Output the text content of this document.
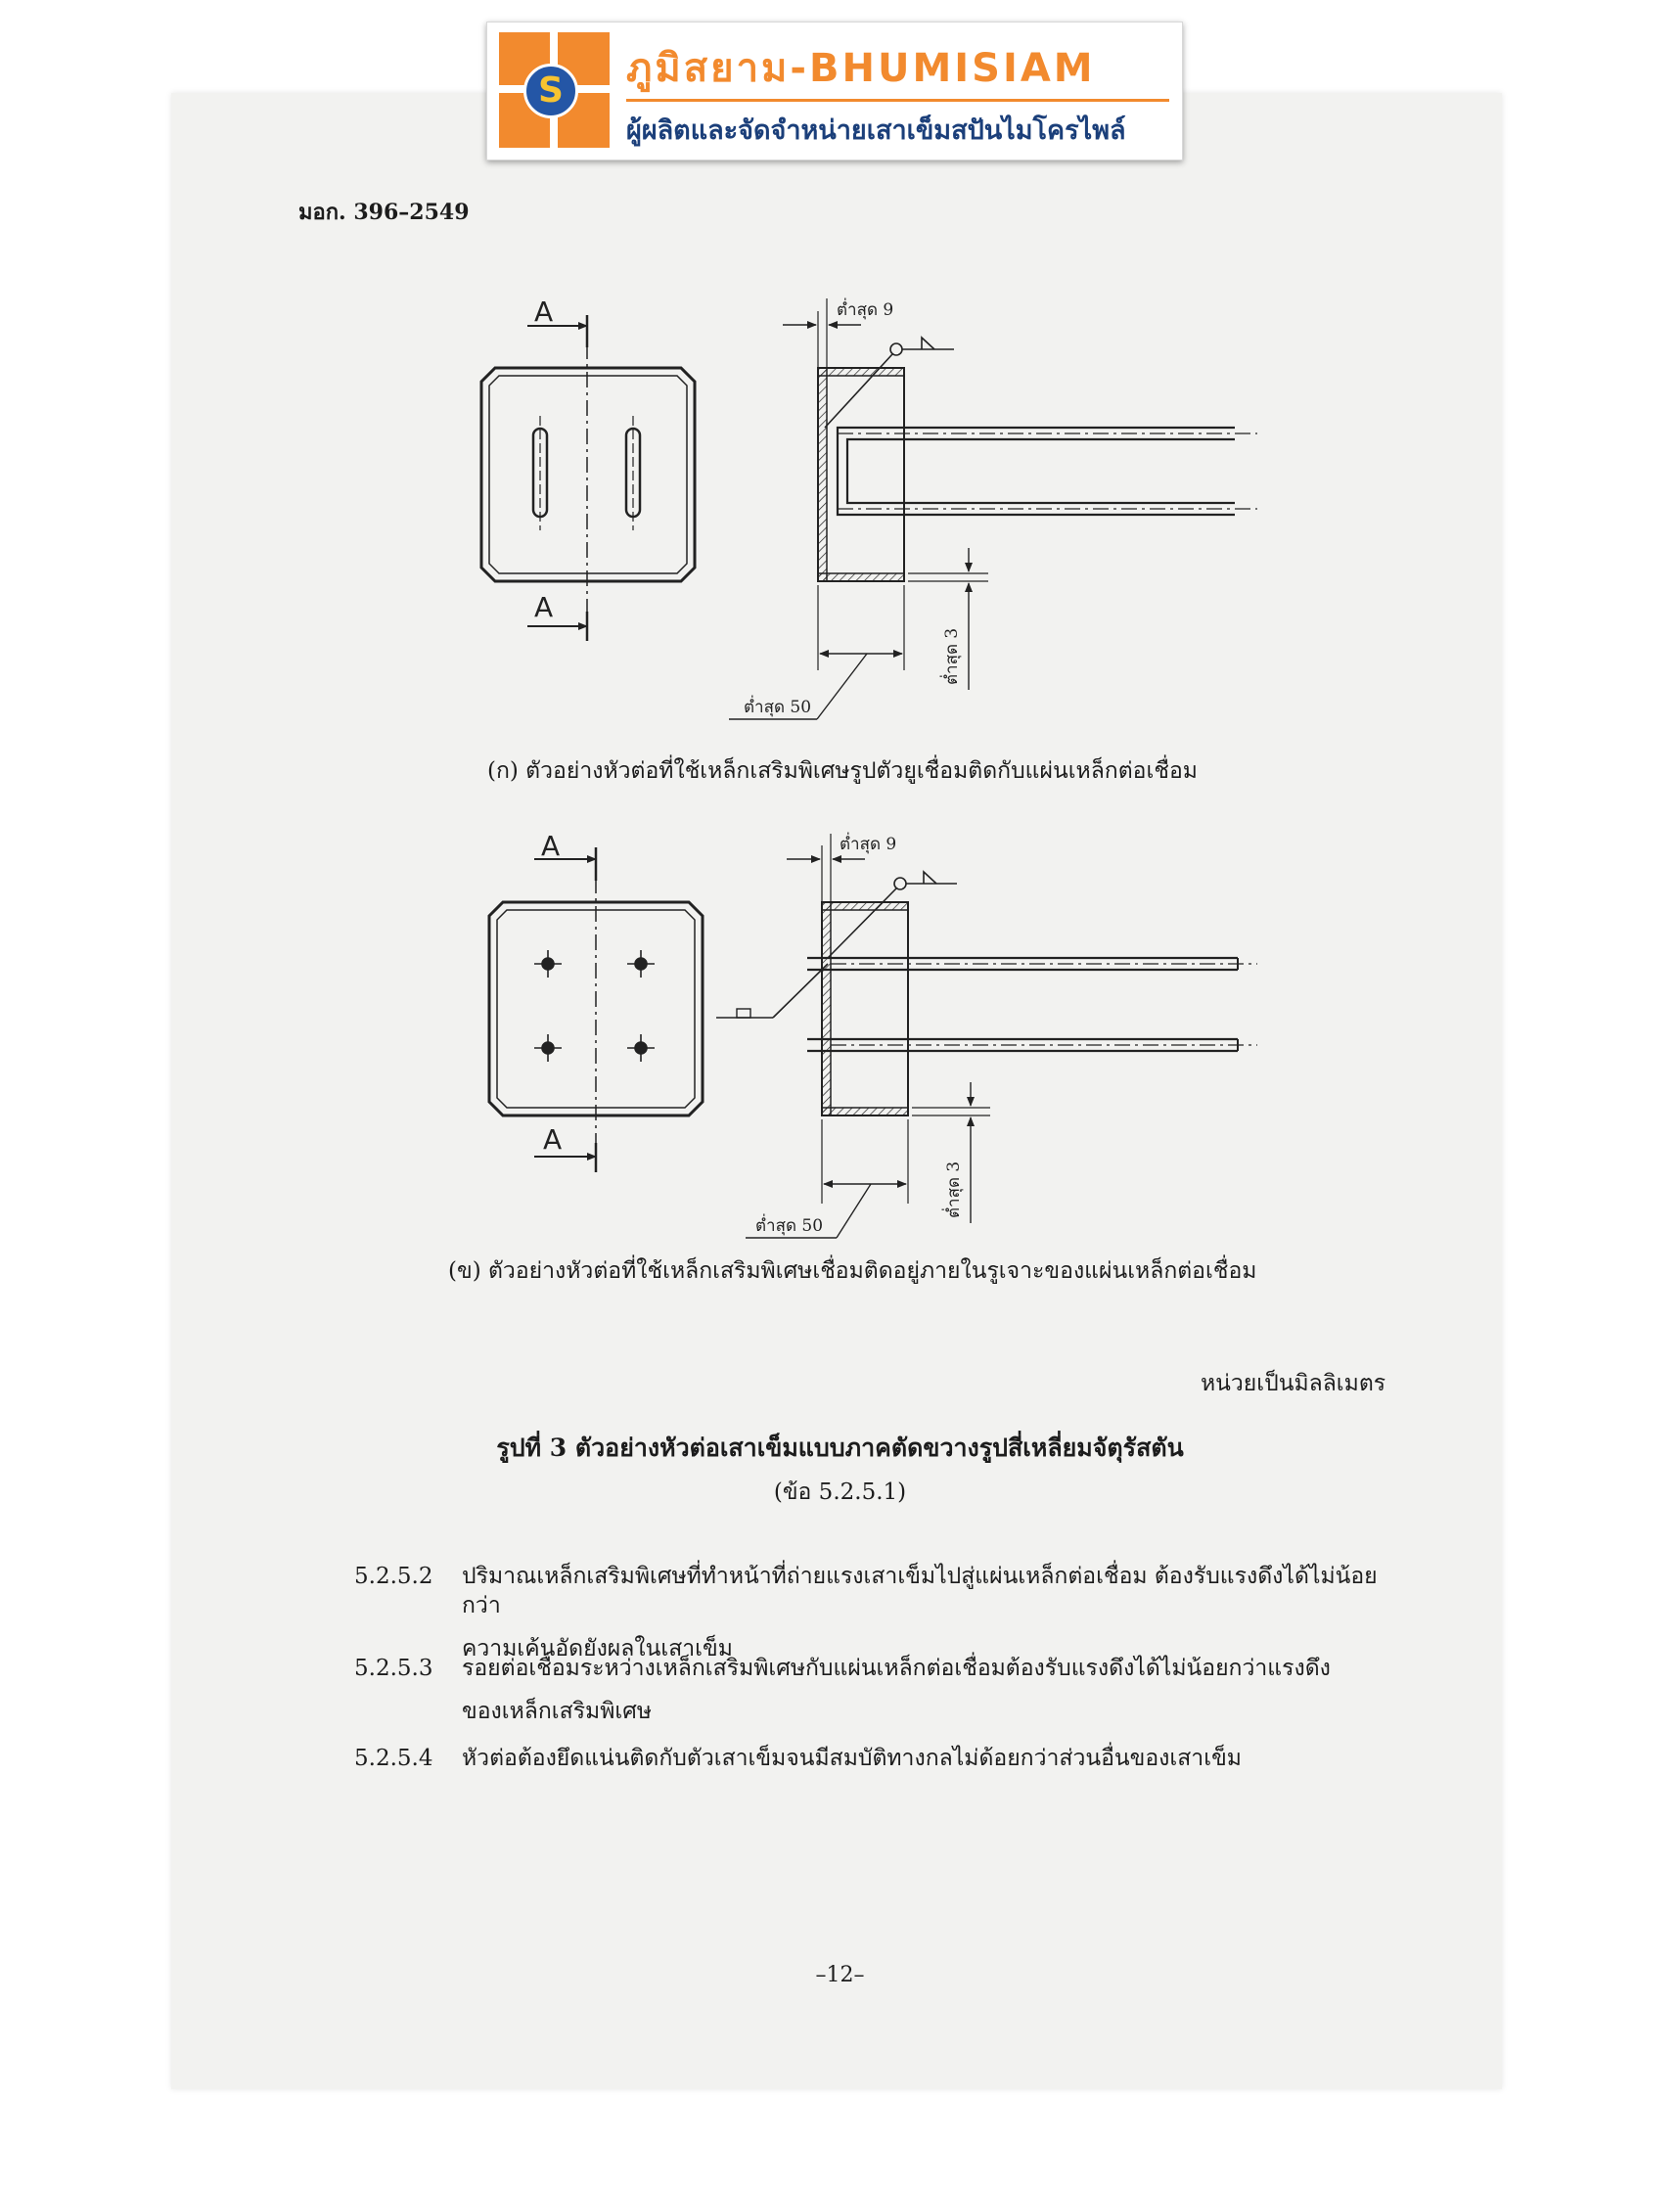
S	ภูมิสยาม-BHUMISIAM
ผู้ผลิตและจัดจำหน่ายเสาเข็มสปันไมโครไพล์
มอก. 396–2549
A
A
ต่ำสุด 9
ต่ำสุด 50
ต่ำสุด 3
A
A
ต่ำสุด 9
ต่ำสุด 50
ต่ำสุด 3
(ก) ตัวอย่างหัวต่อที่ใช้เหล็กเสริมพิเศษรูปตัวยูเชื่อมติดกับแผ่นเหล็กต่อเชื่อม
(ข) ตัวอย่างหัวต่อที่ใช้เหล็กเสริมพิเศษเชื่อมติดอยู่ภายในรูเจาะของแผ่นเหล็กต่อเชื่อม
หน่วยเป็นมิลลิเมตร
รูปที่ 3 ตัวอย่างหัวต่อเสาเข็มแบบภาคตัดขวางรูปสี่เหลี่ยมจัตุรัสตัน
(ข้อ 5.2.5.1)
5.2.5.2	ปริมาณเหล็กเสริมพิเศษที่ทำหน้าที่ถ่ายแรงเสาเข็มไปสู่แผ่นเหล็กต่อเชื่อม ต้องรับแรงดึงได้ไม่น้อยกว่า
ความเค้นอัดยังผลในเสาเข็ม
5.2.5.3	รอยต่อเชื่อมระหว่างเหล็กเสริมพิเศษกับแผ่นเหล็กต่อเชื่อมต้องรับแรงดึงได้ไม่น้อยกว่าแรงดึง
ของเหล็กเสริมพิเศษ
5.2.5.4	หัวต่อต้องยึดแน่นติดกับตัวเสาเข็มจนมีสมบัติทางกลไม่ด้อยกว่าส่วนอื่นของเสาเข็ม
–12–
